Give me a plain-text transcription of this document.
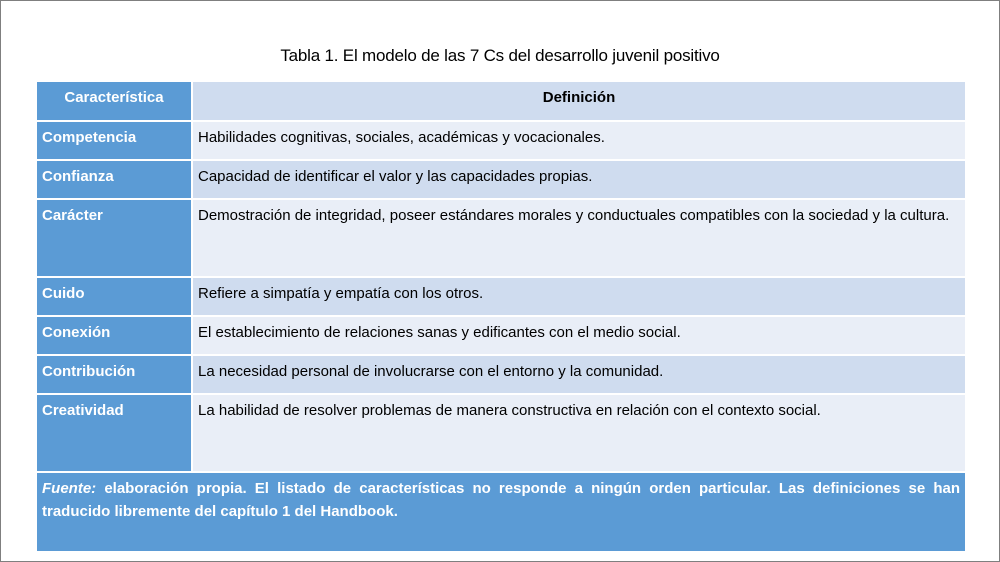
Tabla 1. El modelo de las 7 Cs del desarrollo juvenil positivo
Característica	Definición
Competencia	Habilidades cognitivas, sociales, académicas y vocacionales.
Confianza	Capacidad de identificar el valor y las capacidades propias.
Carácter	Demostración de integridad, poseer estándares morales y conductuales compatibles con la sociedad y la cultura.
Cuido	Refiere a simpatía y empatía con los otros.
Conexión	El establecimiento de relaciones sanas y edificantes con el medio social.
Contribución	La necesidad personal de involucrarse con el entorno y la comunidad.
Creatividad	La habilidad de resolver problemas de manera constructiva en relación con el contexto social.
Fuente: elaboración propia. El listado de características no responde a ningún orden particular. Las definiciones se han traducido libremente del capítulo 1 del Handbook.	
